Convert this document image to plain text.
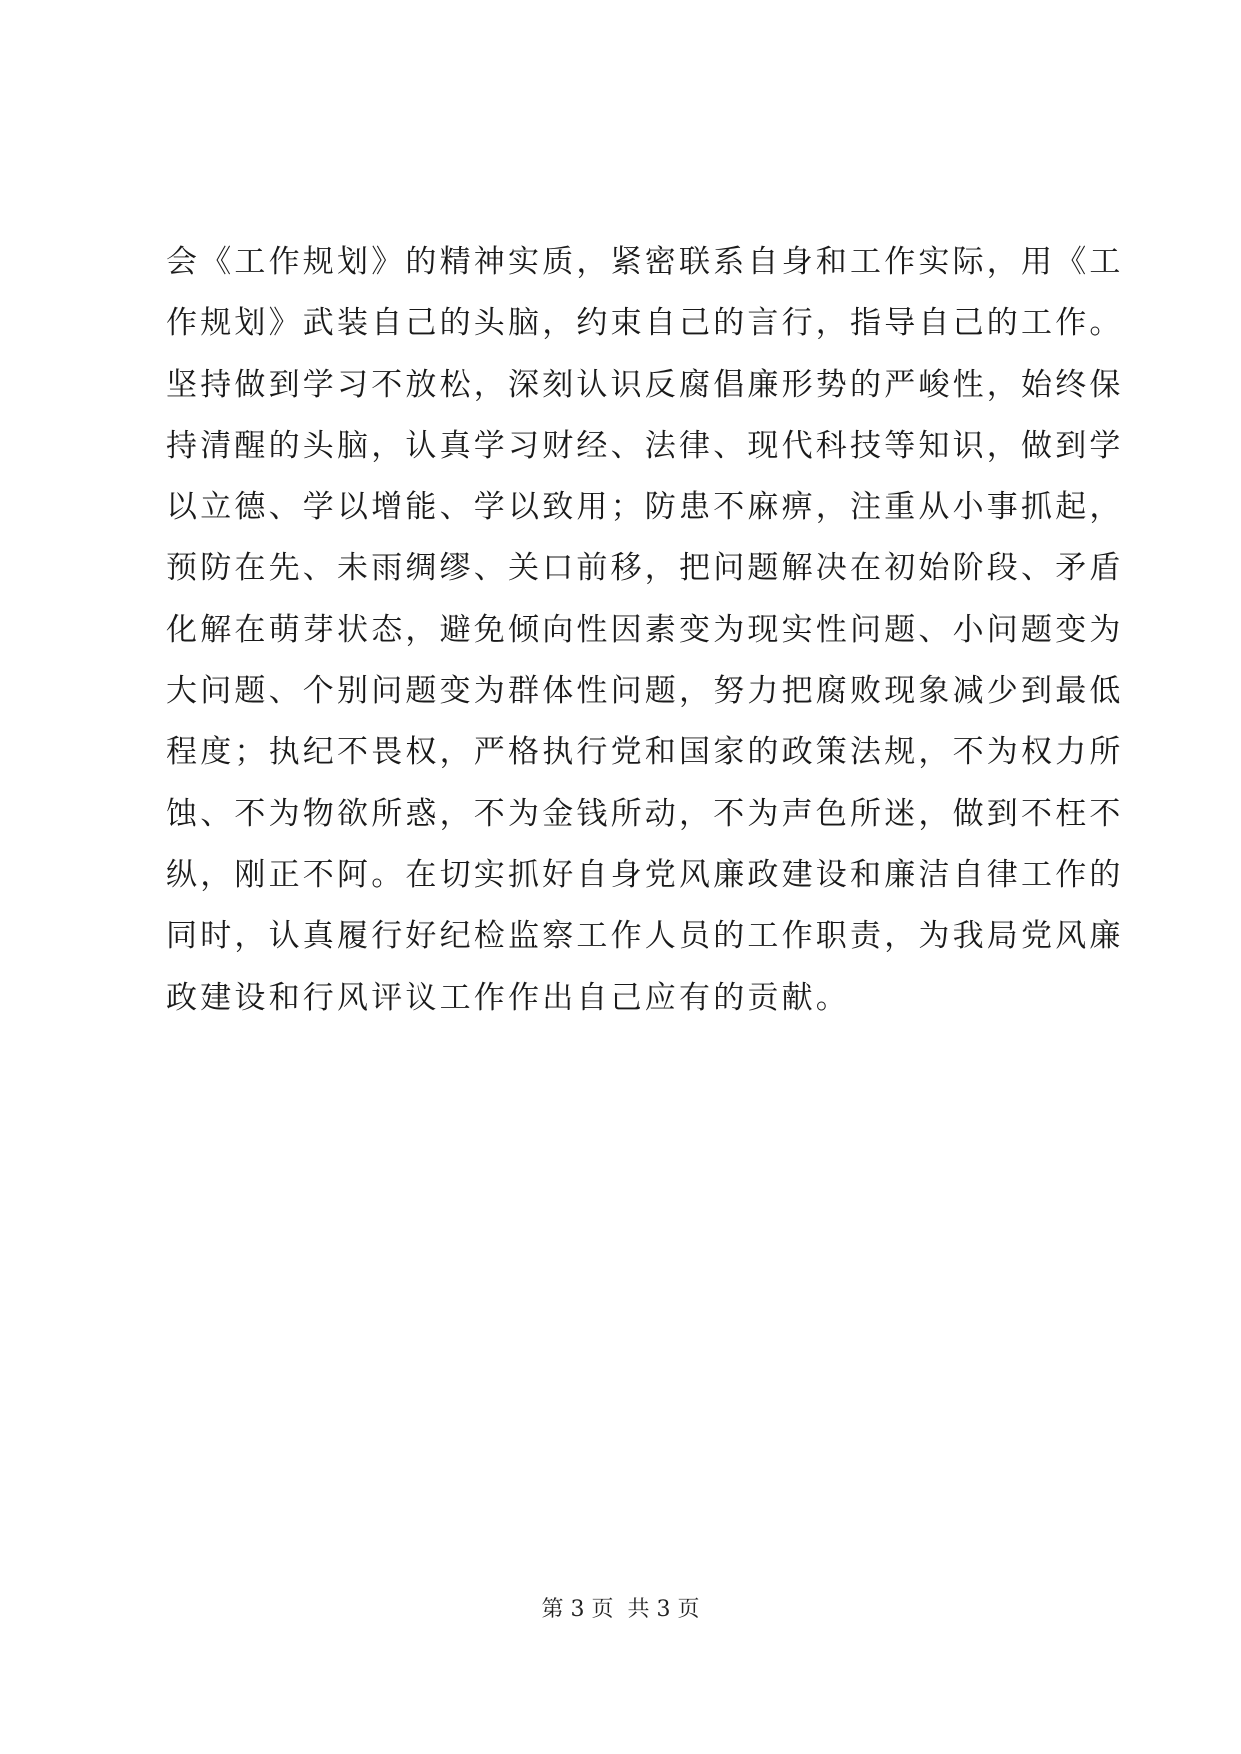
会《工作规划》的精神实质，紧密联系自身和工作实际，用《工
作规划》武装自己的头脑，约束自己的言行，指导自己的工作。
坚持做到学习不放松，深刻认识反腐倡廉形势的严峻性，始终保
持清醒的头脑，认真学习财经、法律、现代科技等知识，做到学
以立德、学以增能、学以致用；防患不麻痹，注重从小事抓起，
预防在先、未雨绸缪、关口前移，把问题解决在初始阶段、矛盾
化解在萌芽状态，避免倾向性因素变为现实性问题、小问题变为
大问题、个别问题变为群体性问题，努力把腐败现象减少到最低
程度；执纪不畏权，严格执行党和国家的政策法规，不为权力所
蚀、不为物欲所惑，不为金钱所动，不为声色所迷，做到不枉不
纵，刚正不阿。在切实抓好自身党风廉政建设和廉洁自律工作的
同时，认真履行好纪检监察工作人员的工作职责，为我局党风廉
政建设和行风评议工作作出自己应有的贡献。
第 3 页 共 3 页
